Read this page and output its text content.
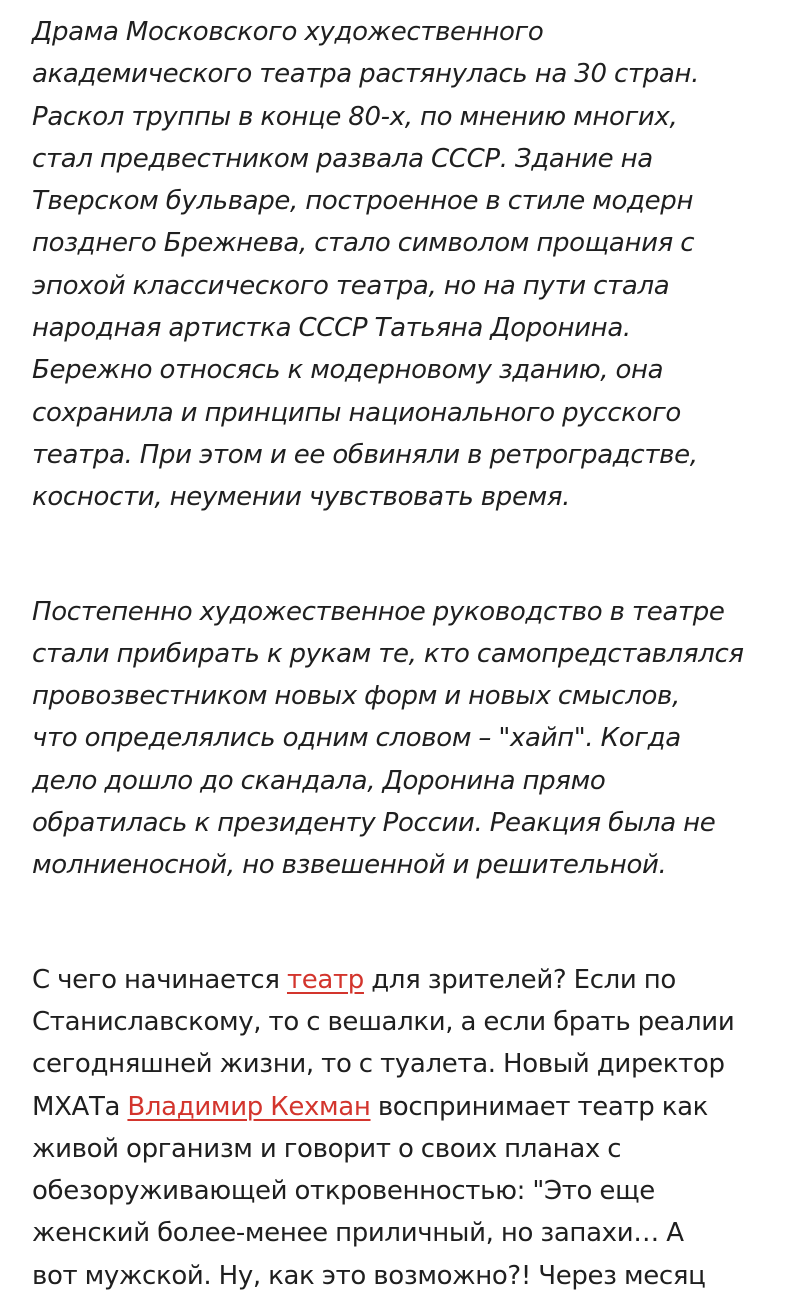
Драма Московского художественного
академического театра растянулась на 30 стран.
Раскол труппы в конце 80-х, по мнению многих,
стал предвестником развала СССР. Здание на
Тверском бульваре, построенное в стиле модерн
позднего Брежнева, стало символом прощания с
эпохой классического театра, но на пути стала
народная артистка СССР Татьяна Доронина.
Бережно относясь к модерновому зданию, она
сохранила и принципы национального русского
театра. При этом и ее обвиняли в ретроградстве,
косности, неумении чувствовать время.

Постепенно художественное руководство в театре
стали прибирать к рукам те, кто самопредставлялся
провозвестником новых форм и новых смыслов,
что определялись одним словом – "хайп". Когда
дело дошло до скандала, Доронина прямо
обратилась к президенту России. Реакция была не
молниеносной, но взвешенной и решительной.

С чего начинается театр для зрителей? Если по
Станиславскому, то с вешалки, а если брать реалии
сегодняшней жизни, то с туалета. Новый директор
МХАТа Владимир Кехман воспринимает театр как
живой организм и говорит о своих планах с
обезоруживающей откровенностью: "Это еще
женский более-менее приличный, но запахи… А
вот мужской. Ну, как это возможно?! Через месяц
